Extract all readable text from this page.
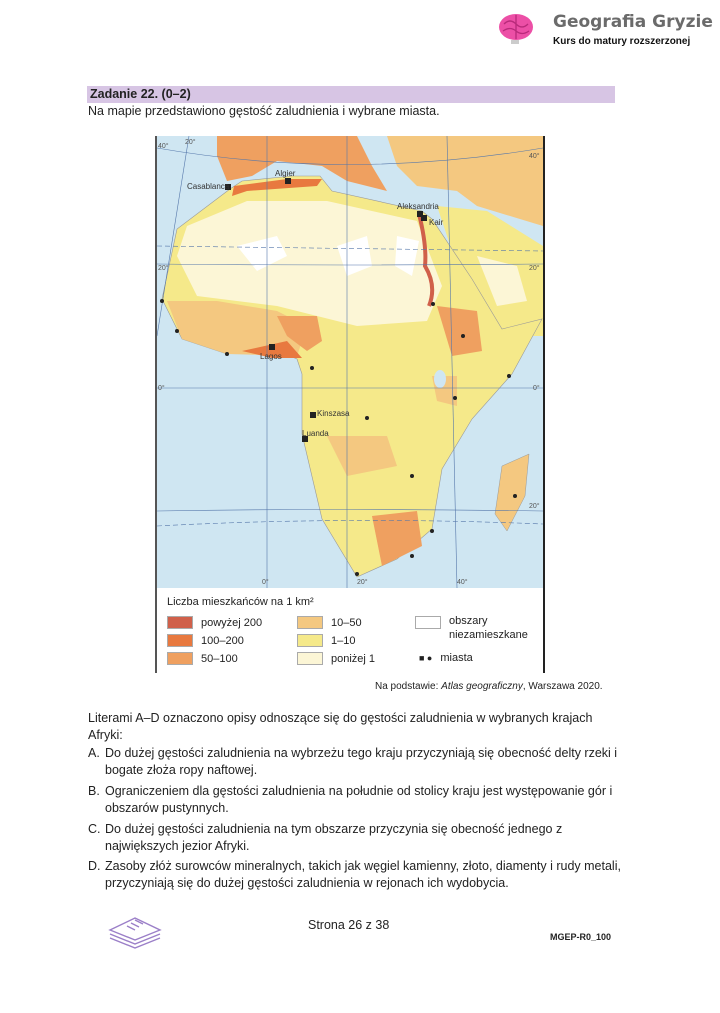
Geografia Gryzie
Kurs do matury rozszerzonej
Zadanie 22. (0–2)
Na mapie przedstawiono gęstość zaludnienia i wybrane miasta.
40°
20°
40°
20°	20°
0°	0°
20°
0°	20°	40°
Casablanca
Algier
Aleksandria
Kair
Lagos
Kinszasa
Luanda
Liczba mieszkańców na 1 km²
powyżej 200
100–200
50–100
10–50
1–10
poniżej 1
obszary niezamieszkane
■ ● miasta
Na podstawie: Atlas geograficzny, Warszawa 2020.
Literami A–D oznaczono opisy odnoszące się do gęstości zaludnienia w wybranych krajach Afryki:
A. Do dużej gęstości zaludnienia na wybrzeżu tego kraju przyczyniają się obecność delty rzeki i bogate złoża ropy naftowej.
B. Ograniczeniem dla gęstości zaludnienia na południe od stolicy kraju jest występowanie gór i obszarów pustynnych.
C. Do dużej gęstości zaludnienia na tym obszarze przyczynia się obecność jednego z największych jezior Afryki.
D. Zasoby złóż surowców mineralnych, takich jak węgiel kamienny, złoto, diamenty i rudy metali, przyczyniają się do dużej gęstości zaludnienia w rejonach ich wydobycia.
Strona 26 z 38
MGEP-R0_100
